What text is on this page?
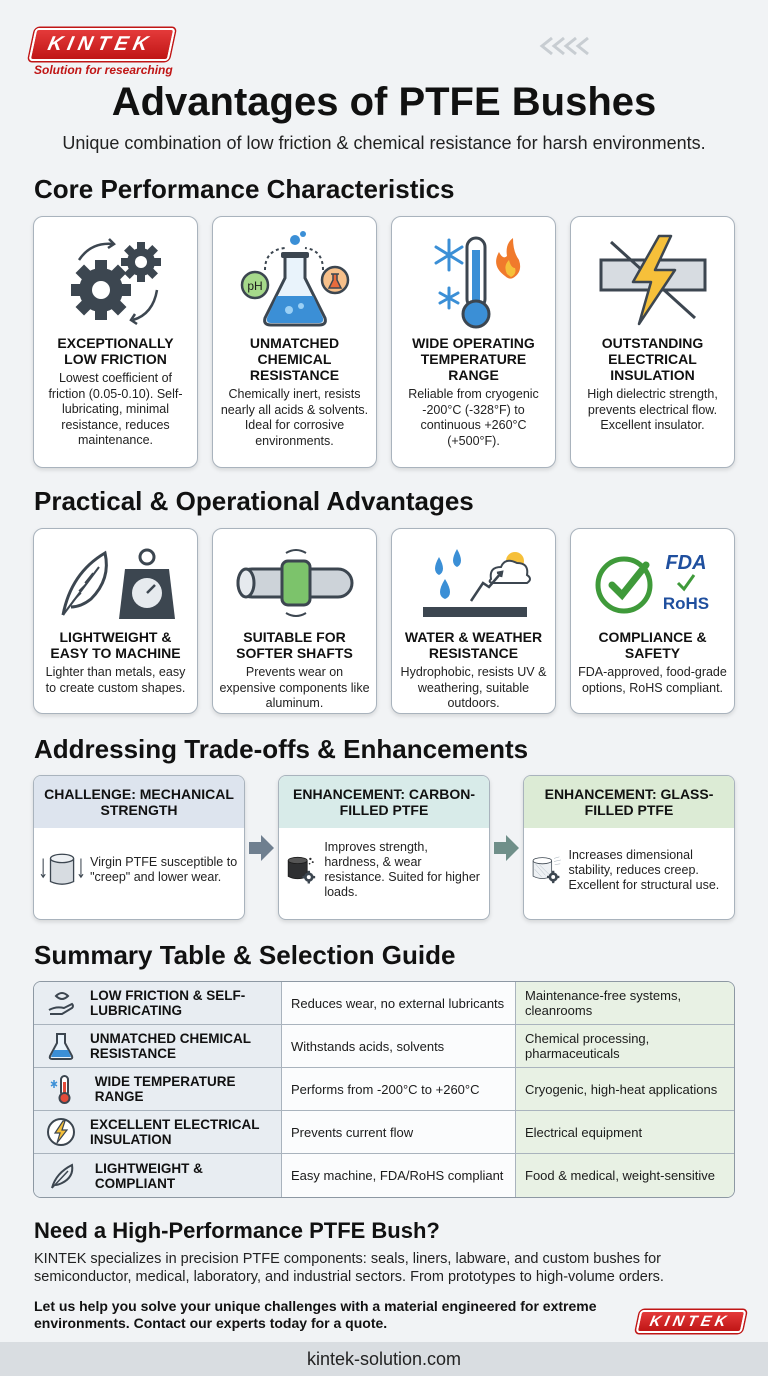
KINTEK
Solution for researching
Advantages of PTFE Bushes
Unique combination of low friction & chemical resistance for harsh environments.
Core Performance Characteristics
EXCEPTIONALLY LOW FRICTION

Lowest coefficient of friction (0.05-0.10). Self-lubricating, minimal resistance, reduces maintenance.

pH
UNMATCHED CHEMICAL RESISTANCE

Chemically inert, resists nearly all acids & solvents. Ideal for corrosive environments.

WIDE OPERATING TEMPERATURE RANGE

Reliable from cryogenic -200°C (-328°F) to continuous +260°C (+500°F).

OUTSTANDING ELECTRICAL INSULATION

High dielectric strength, prevents electrical flow. Excellent insulator.

Practical & Operational Advantages
LIGHTWEIGHT & EASY TO MACHINE

Lighter than metals, easy to create custom shapes.

SUITABLE FOR SOFTER SHAFTS

Prevents wear on expensive components like aluminum.

WATER & WEATHER RESISTANCE

Hydrophobic, resists UV & weathering, suitable outdoors.

FDA
RoHS
COMPLIANCE & SAFETY

FDA-approved, food-grade options, RoHS compliant.

Addressing Trade-offs & Enhancements
CHALLENGE: MECHANICAL STRENGTH

Virgin PTFE susceptible to "creep" and lower wear.

ENHANCEMENT: CARBON-FILLED PTFE

Improves strength, hardness, & wear resistance. Suited for higher loads.

ENHANCEMENT: GLASS-FILLED PTFE

Increases dimensional stability, reduces creep. Excellent for structural use.

Summary Table & Selection Guide
LOW FRICTION & SELF-LUBRICATING	Reduces wear, no external lubricants	Maintenance-free systems, cleanrooms
UNMATCHED CHEMICAL RESISTANCE	Withstands acids, solvents	Chemical processing, pharmaceuticals
WIDE TEMPERATURE RANGE	Performs from -200°C to +260°C	Cryogenic, high-heat applications
EXCELLENT ELECTRICAL INSULATION	Prevents current flow	Electrical equipment
LIGHTWEIGHT & COMPLIANT	Easy machine, FDA/RoHS compliant	Food & medical, weight-sensitive
Need a High-Performance PTFE Bush?

KINTEK specializes in precision PTFE components: seals, liners, labware, and custom bushes for semiconductor, medical, laboratory, and industrial sectors. From prototypes to high-volume orders.

Let us help you solve your unique challenges with a material engineered for extreme environments. Contact our experts today for a quote.	KINTEK
kintek-solution.com
